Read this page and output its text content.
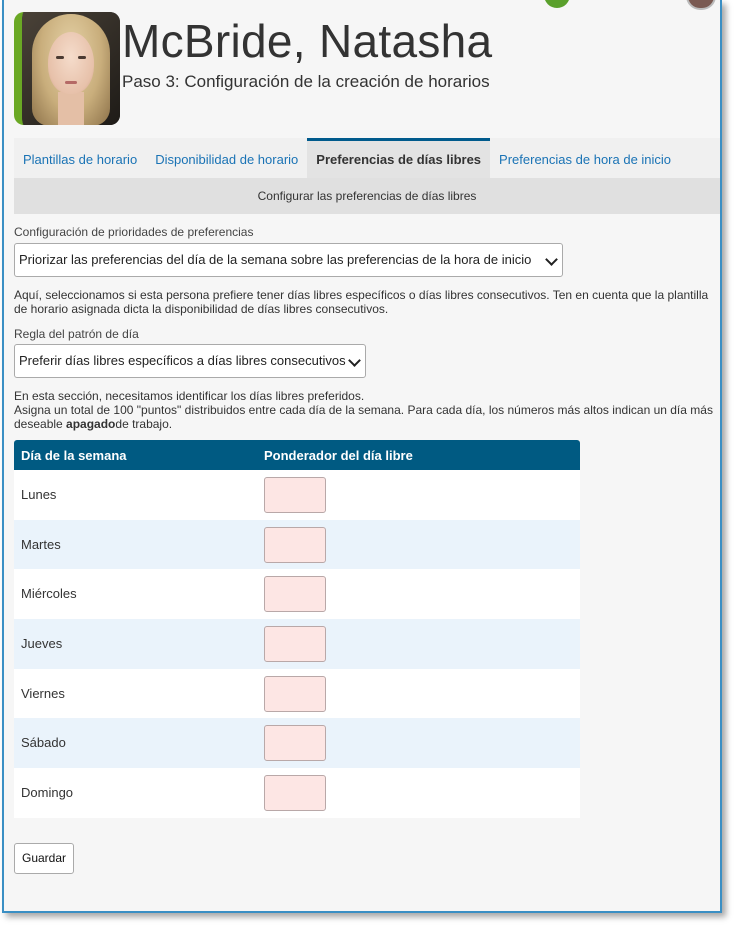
McBride, Natasha
Paso 3: Configuración de la creación de horarios
Plantillas de horario	Disponibilidad de horario	Preferencias de días libres	Preferencias de hora de inicio
Configurar las preferencias de días libres
Configuración de prioridades de preferencias
Priorizar las preferencias del día de la semana sobre las preferencias de la hora de inicio
Aquí, seleccionamos si esta persona prefiere tener días libres específicos o días libres consecutivos. Ten en cuenta que la plantilla de horario asignada dicta la disponibilidad de días libres consecutivos.
Regla del patrón de día
Preferir días libres específicos a días libres consecutivos
En esta sección, necesitamos identificar los días libres preferidos.
Asigna un total de 100 "puntos" distribuidos entre cada día de la semana. Para cada día, los números más altos indican un día más deseable apagadode trabajo.
Día de la semana	Ponderador del día libre
Lunes
Martes
Miércoles
Jueves
Viernes
Sábado
Domingo
Guardar
